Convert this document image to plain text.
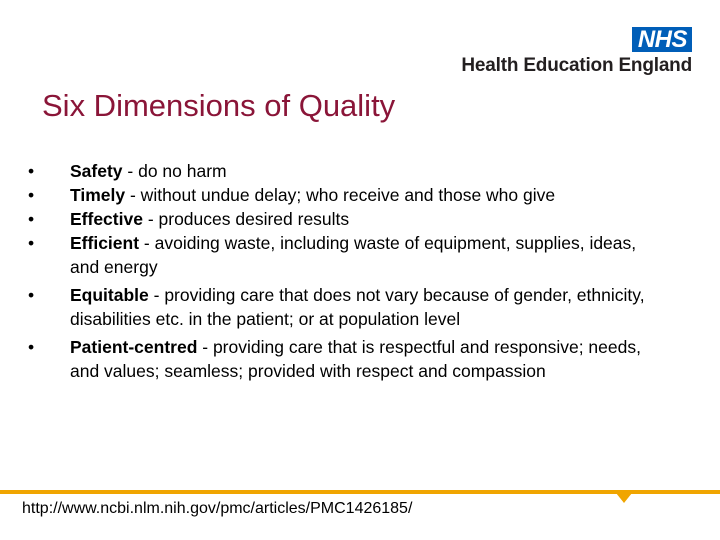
NHS
Health Education England
Six Dimensions of Quality
•	Safety - do no harm
•	Timely - without undue delay; who receive and those who give
•	Effective - produces desired results
•	Efficient - avoiding waste, including waste of equipment, supplies, ideas, and energy
•	Equitable - providing care that does not vary because of gender, ethnicity, disabilities etc. in the patient; or at population level
•	Patient-centred - providing care that is respectful and responsive; needs, and values; seamless; provided with respect and compassion
http://www.ncbi.nlm.nih.gov/pmc/articles/PMC1426185/
